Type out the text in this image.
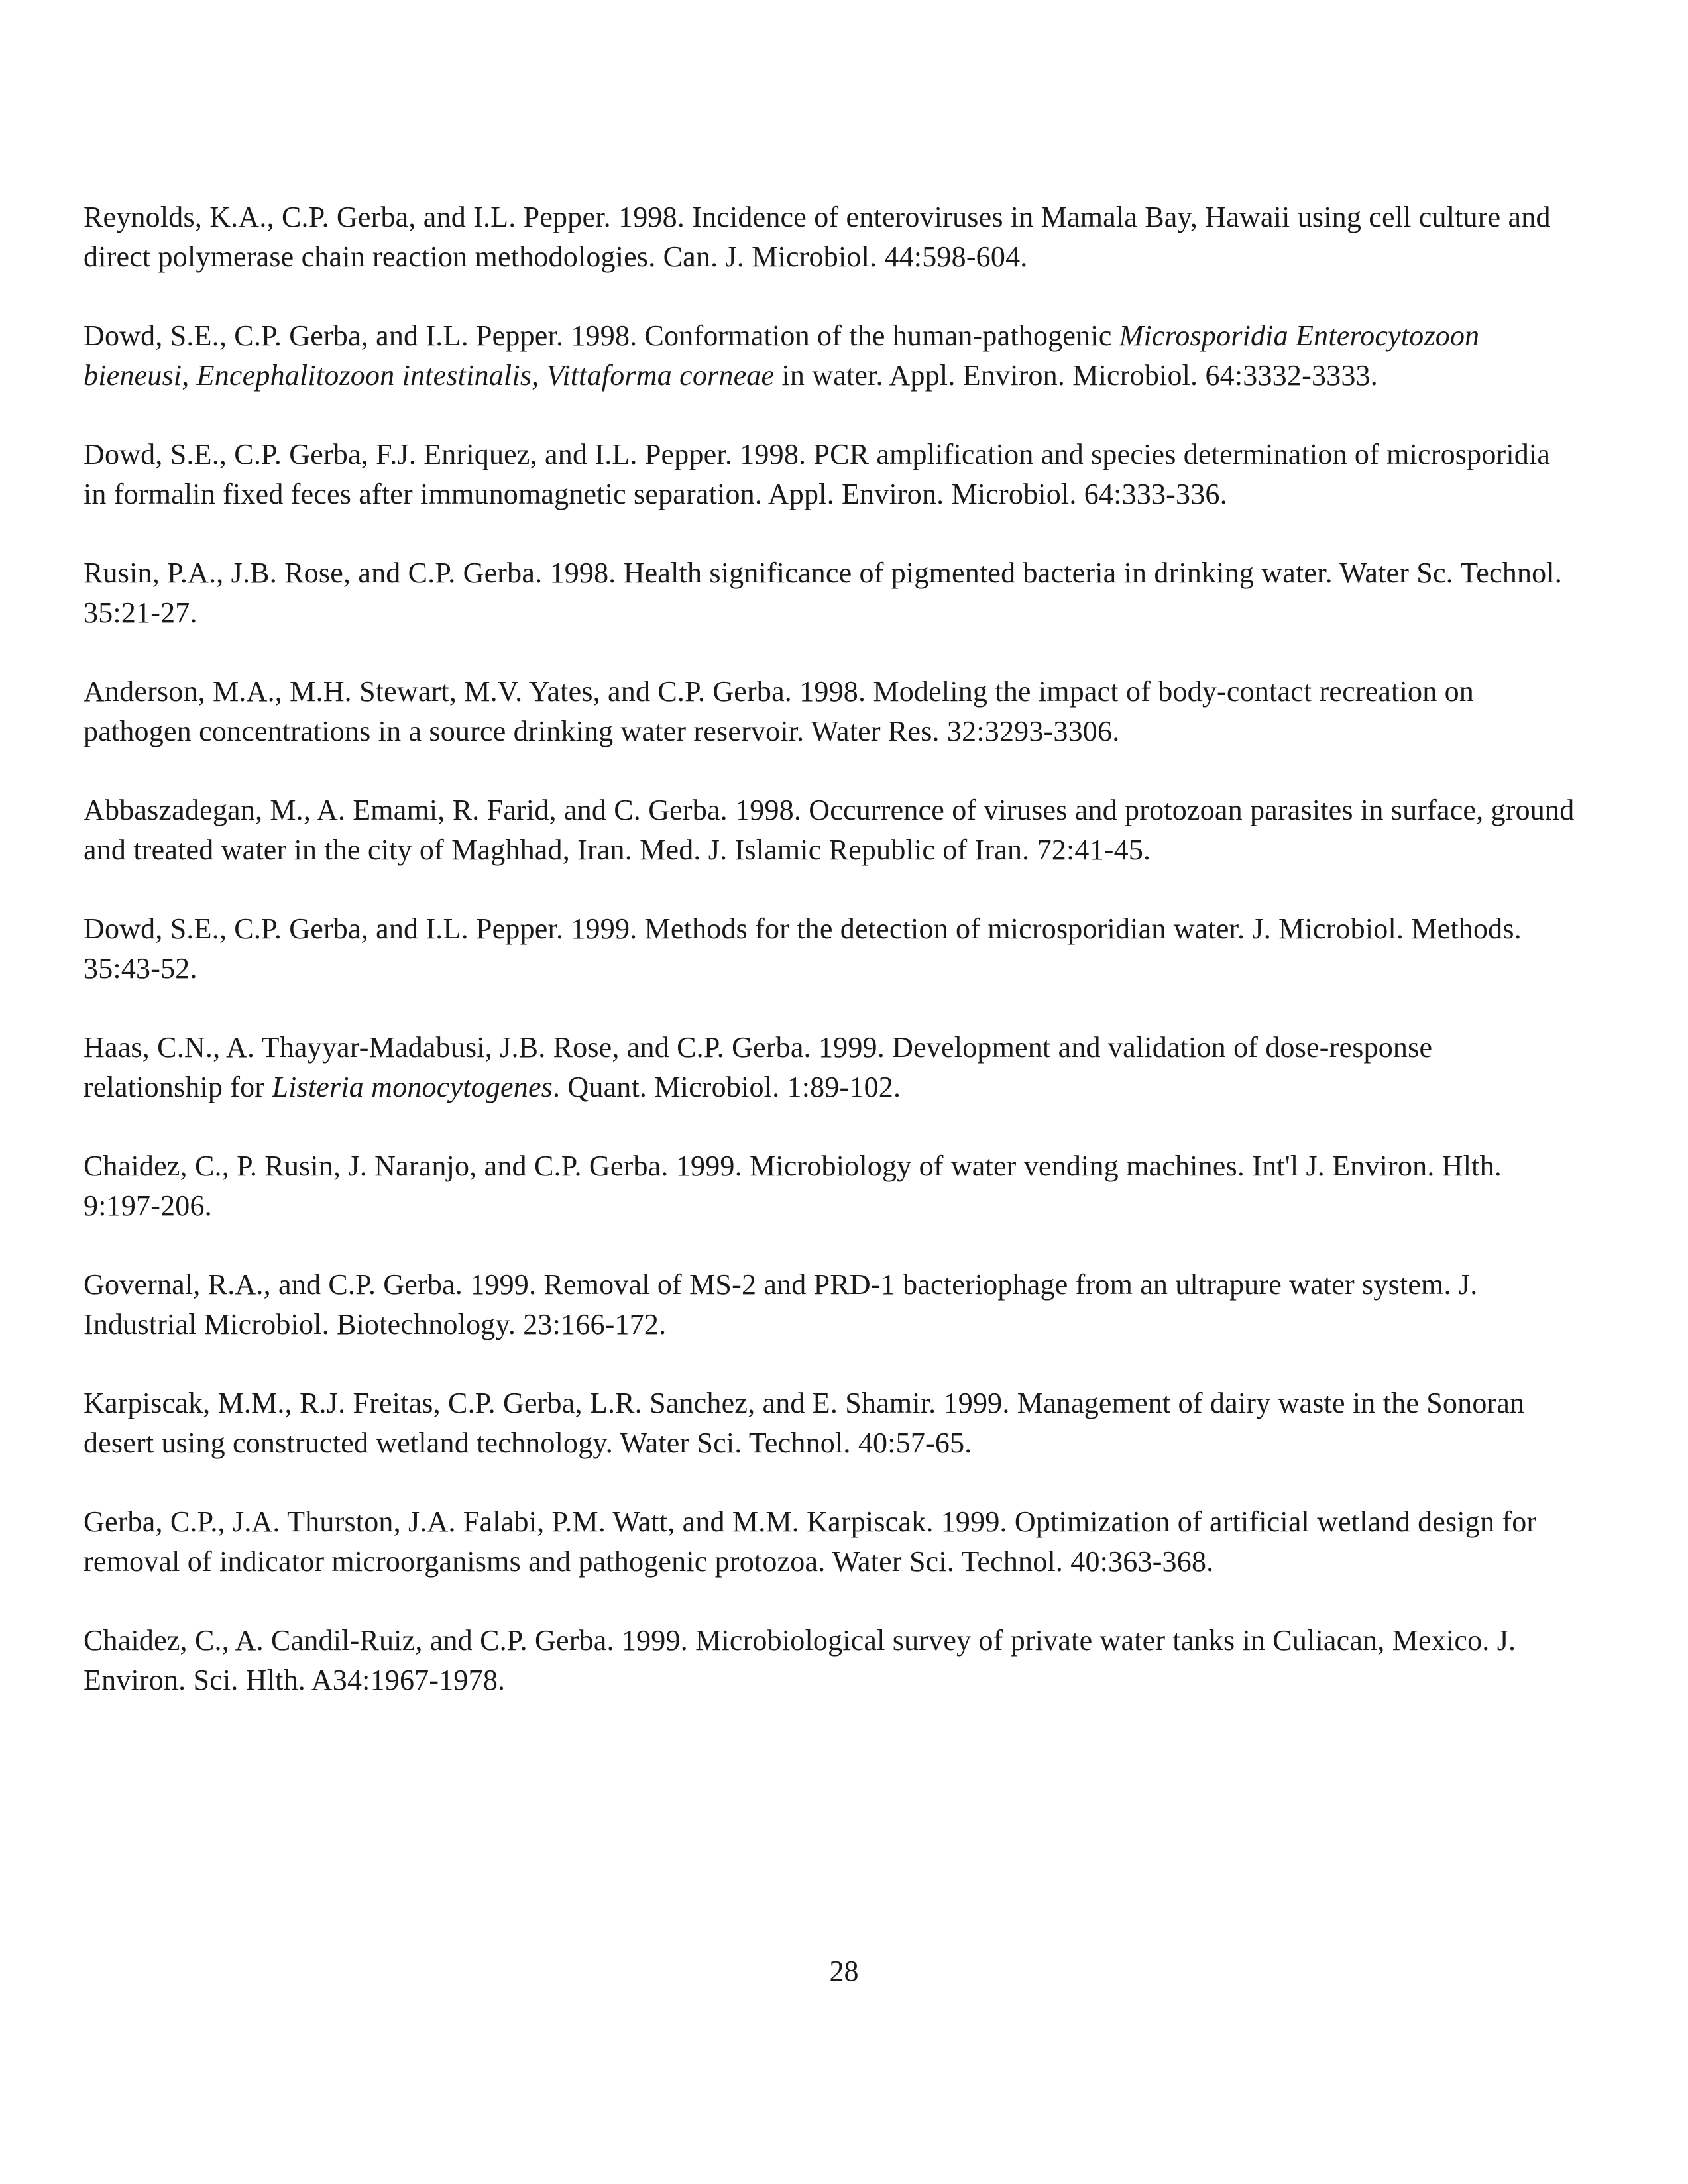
Reynolds, K.A., C.P. Gerba, and I.L. Pepper. 1998. Incidence of enteroviruses in Mamala Bay, Hawaii using cell culture and direct polymerase chain reaction methodologies. Can. J. Microbiol. 44:598-604.
Dowd, S.E., C.P. Gerba, and I.L. Pepper. 1998. Conformation of the human-pathogenic Microsporidia Enterocytozoon bieneusi, Encephalitozoon intestinalis, Vittaforma corneae in water. Appl. Environ. Microbiol. 64:3332-3333.
Dowd, S.E., C.P. Gerba, F.J. Enriquez, and I.L. Pepper. 1998. PCR amplification and species determination of microsporidia in formalin fixed feces after immunomagnetic separation. Appl. Environ. Microbiol. 64:333-336.
Rusin, P.A., J.B. Rose, and C.P. Gerba. 1998. Health significance of pigmented bacteria in drinking water. Water Sc. Technol. 35:21-27.
Anderson, M.A., M.H. Stewart, M.V. Yates, and C.P. Gerba. 1998. Modeling the impact of body-contact recreation on pathogen concentrations in a source drinking water reservoir. Water Res. 32:3293-3306.
Abbaszadegan, M., A. Emami, R. Farid, and C. Gerba. 1998. Occurrence of viruses and protozoan parasites in surface, ground and treated water in the city of Maghhad, Iran. Med. J. Islamic Republic of Iran. 72:41-45.
Dowd, S.E., C.P. Gerba, and I.L. Pepper. 1999. Methods for the detection of microsporidian water. J. Microbiol. Methods. 35:43-52.
Haas, C.N., A. Thayyar-Madabusi, J.B. Rose, and C.P. Gerba. 1999. Development and validation of dose-response relationship for Listeria monocytogenes. Quant. Microbiol. 1:89-102.
Chaidez, C., P. Rusin, J. Naranjo, and C.P. Gerba. 1999. Microbiology of water vending machines. Int'l J. Environ. Hlth. 9:197-206.
Governal, R.A., and C.P. Gerba. 1999. Removal of MS-2 and PRD-1 bacteriophage from an ultrapure water system. J. Industrial Microbiol. Biotechnology. 23:166-172.
Karpiscak, M.M., R.J. Freitas, C.P. Gerba, L.R. Sanchez, and E. Shamir. 1999. Management of dairy waste in the Sonoran desert using constructed wetland technology. Water Sci. Technol. 40:57-65.
Gerba, C.P., J.A. Thurston, J.A. Falabi, P.M. Watt, and M.M. Karpiscak. 1999. Optimization of artificial wetland design for removal of indicator microorganisms and pathogenic protozoa. Water Sci. Technol. 40:363-368.
Chaidez, C., A. Candil-Ruiz, and C.P. Gerba. 1999. Microbiological survey of private water tanks in Culiacan, Mexico. J. Environ. Sci. Hlth. A34:1967-1978.
28
